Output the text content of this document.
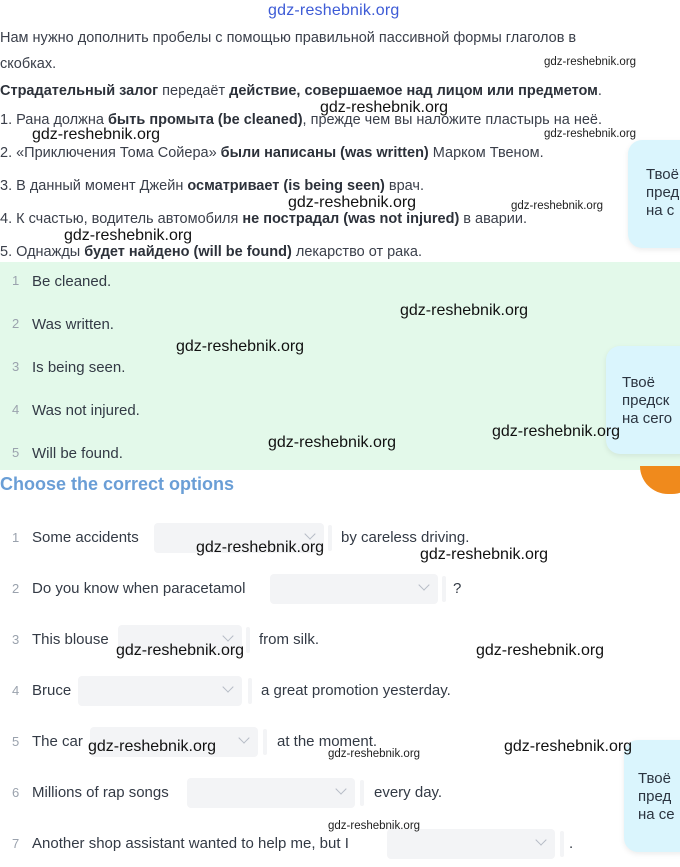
gdz-reshebnik.org
Нам нужно дополнить пробелы с помощью правильной пассивной формы глаголов в
скобках.
Страдательный залог передаёт действие, совершаемое над лицом или предметом.
1. Рана должна быть промыта (be cleaned), прежде чем вы наложите пластырь на неё.
2. «Приключения Тома Сойера» были написаны (was written) Марком Твеном.
3. В данный момент Джейн осматривает (is being seen) врач.
4. К счастью, водитель автомобиля не пострадал (was not injured) в аварии.
5. Однажды будет найдено (will be found) лекарство от рака.
1 Be cleaned.
2 Was written.
3 Is being seen.
4 Was not injured.
5 Will be found.
Choose the correct options
1 Some accidents	by careless driving.
2 Do you know when paracetamol	?
3 This blouse	from silk.
4 Bruce	a great promotion yesterday.
5 The car	at the moment.
6 Millions of rap songs	every day.
7 Another shop assistant wanted to help me, but I	.
Твоё
пред
на с
Твоё
предск
на сего
Твоё
пред
на се
gdz-reshebnik.org
gdz-reshebnik.org
gdz-reshebnik.org	gdz-reshebnik.org
gdz-reshebnik.org	gdz-reshebnik.org
gdz-reshebnik.org
gdz-reshebnik.org
gdz-reshebnik.org
gdz-reshebnik.org
gdz-reshebnik.org
gdz-reshebnik.org	gdz-reshebnik.org
gdz-reshebnik.org	gdz-reshebnik.org
gdz-reshebnik.org	gdz-reshebnik.org	gdz-reshebnik.org
gdz-reshebnik.org
